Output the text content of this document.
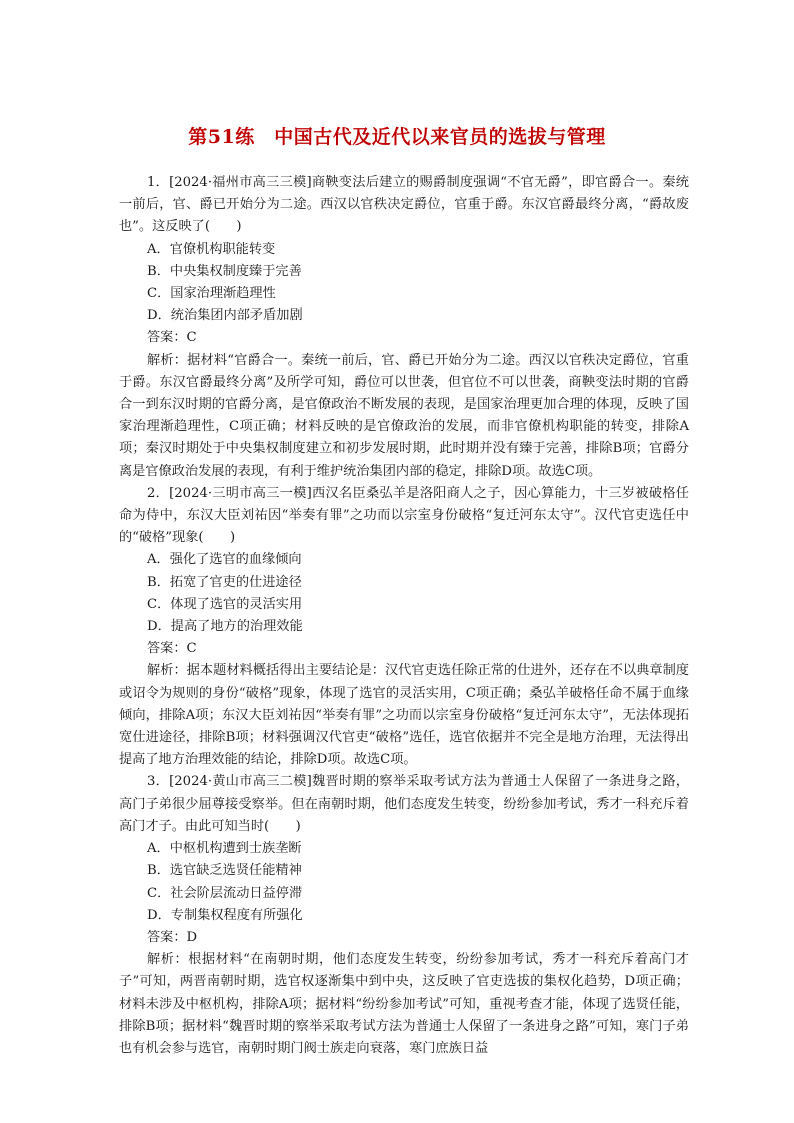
第51练　中国古代及近代以来官员的选拔与管理

1．[2024·福州市高三三模]商鞅变法后建立的赐爵制度强调“不官无爵”，即官爵合一。秦统一前后，官、爵已开始分为二途。西汉以官秩决定爵位，官重于爵。东汉官爵最终分离，“爵故废也”。这反映了(　　)

A．官僚机构职能转变

B．中央集权制度臻于完善

C．国家治理渐趋理性

D．统治集团内部矛盾加剧

答案：C

解析：据材料“官爵合一。秦统一前后，官、爵已开始分为二途。西汉以官秩决定爵位，官重于爵。东汉官爵最终分离”及所学可知，爵位可以世袭，但官位不可以世袭，商鞅变法时期的官爵合一到东汉时期的官爵分离，是官僚政治不断发展的表现，是国家治理更加合理的体现，反映了国家治理渐趋理性，C项正确；材料反映的是官僚政治的发展，而非官僚机构职能的转变，排除A项；秦汉时期处于中央集权制度建立和初步发展时期，此时期并没有臻于完善，排除B项；官爵分离是官僚政治发展的表现，有利于维护统治集团内部的稳定，排除D项。故选C项。

2．[2024·三明市高三一模]西汉名臣桑弘羊是洛阳商人之子，因心算能力，十三岁被破格任命为侍中，东汉大臣刘祐因“举奏有罪”之功而以宗室身份破格“复迁河东太守”。汉代官吏选任中的“破格”现象(　　)

A．强化了选官的血缘倾向

B．拓宽了官吏的仕进途径

C．体现了选官的灵活实用

D．提高了地方的治理效能

答案：C

解析：据本题材料概括得出主要结论是：汉代官吏选任除正常的仕进外，还存在不以典章制度或诏令为规则的身份“破格”现象，体现了选官的灵活实用，C项正确；桑弘羊破格任命不属于血缘倾向，排除A项；东汉大臣刘祐因“举奏有罪”之功而以宗室身份破格“复迁河东太守”，无法体现拓宽仕进途径，排除B项；材料强调汉代官吏“破格”选任，选官依据并不完全是地方治理，无法得出提高了地方治理效能的结论，排除D项。故选C项。

3．[2024·黄山市高三二模]魏晋时期的察举采取考试方法为普通士人保留了一条进身之路，高门子弟很少屈尊接受察举。但在南朝时期，他们态度发生转变，纷纷参加考试，秀才一科充斥着高门才子。由此可知当时(　　)

A．中枢机构遭到士族垄断

B．选官缺乏选贤任能精神

C．社会阶层流动日益停滞

D．专制集权程度有所强化

答案：D

解析：根据材料“在南朝时期，他们态度发生转变，纷纷参加考试，秀才一科充斥着高门才子”可知，两晋南朝时期，选官权逐渐集中到中央，这反映了官吏选拔的集权化趋势，D项正确；材料未涉及中枢机构，排除A项；据材料“纷纷参加考试”可知，重视考查才能，体现了选贤任能，排除B项；据材料“魏晋时期的察举采取考试方法为普通士人保留了一条进身之路”可知，寒门子弟也有机会参与选官，南朝时期门阀士族走向衰落，寒门庶族日益
